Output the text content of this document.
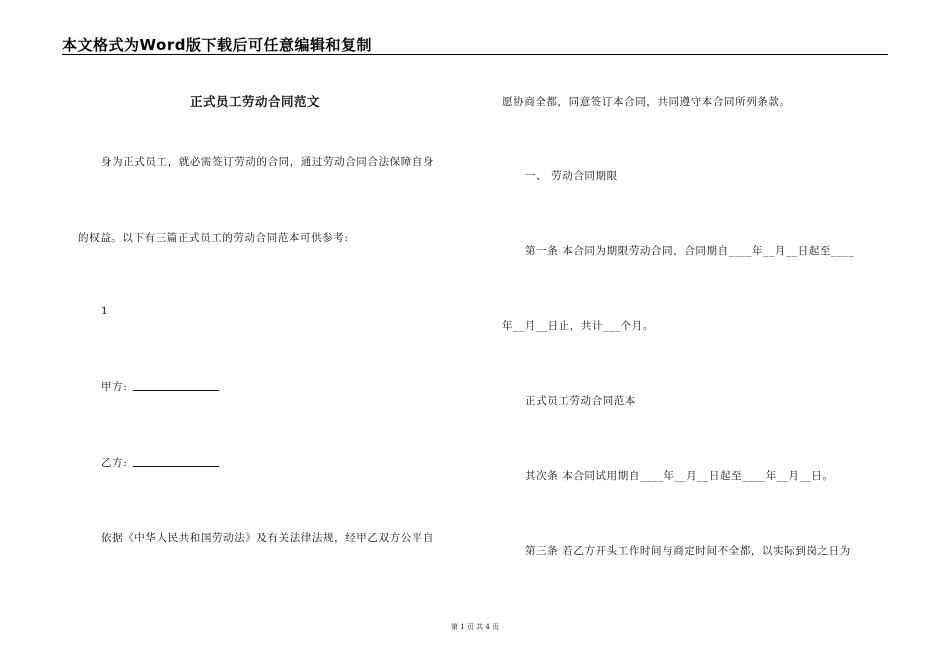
本文格式为Word版下载后可任意编辑和复制
正式员工劳动合同范文
身为正式员工，就必需签订劳动的合同，通过劳动合同合法保障自身
的权益。以下有三篇正式员工的劳动合同范本可供参考:
1
甲方:
乙方:
依据《中华人民共和国劳动法》及有关法律法规，经甲乙双方公平自
愿协商全都，同意签订本合同，共同遵守本合同所列条款。
一、 劳动合同期限
第一条 本合同为期限劳动合同，合同期自____年__月__日起至____
年__月__日止，共计___个月。
正式员工劳动合同范本
其次条 本合同试用期自____年__月__日起至____年__月__日。
第三条 若乙方开头工作时间与商定时间不全都，以实际到岗之日为
第 1 页 共 4 页
